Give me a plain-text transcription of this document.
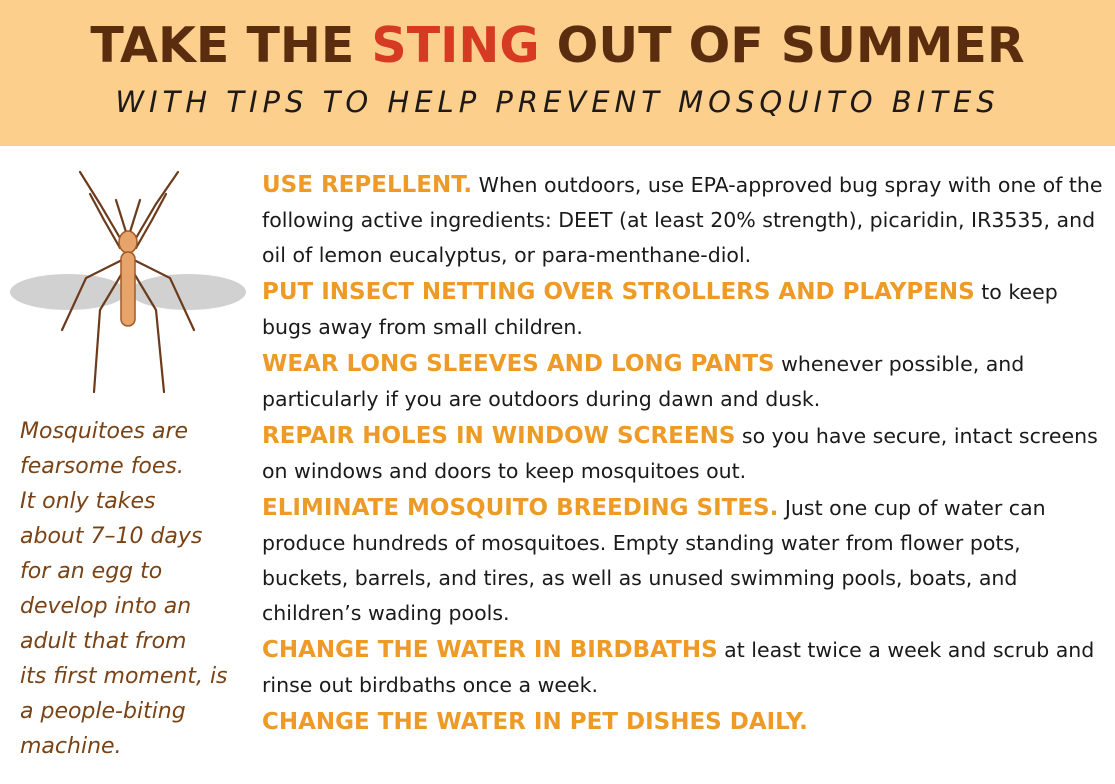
TAKE THE STING OUT OF SUMMER
WITH TIPS TO HELP PREVENT MOSQUITO BITES
Mosquitoes are
fearsome foes.
It only takes
about 7–10 days
for an egg to
develop into an
adult that from
its first moment, is
a people-biting
machine.

USE REPELLENT. When outdoors, use EPA-approved bug spray with one of the following active ingredients: DEET (at least 20% strength), picaridin, IR3535, and oil of lemon eucalyptus, or para-menthane-diol.

PUT INSECT NETTING OVER STROLLERS AND PLAYPENS to keep bugs away from small children.

WEAR LONG SLEEVES AND LONG PANTS whenever possible, and particularly if you are outdoors during dawn and dusk.

REPAIR HOLES IN WINDOW SCREENS so you have secure, intact screens on windows and doors to keep mosquitoes out.

ELIMINATE MOSQUITO BREEDING SITES. Just one cup of water can produce hundreds of mosquitoes. Empty standing water from flower pots, buckets, barrels, and tires, as well as unused swimming pools, boats, and children’s wading pools.

CHANGE THE WATER IN BIRDBATHS at least twice a week and scrub and rinse out birdbaths once a week.

CHANGE THE WATER IN PET DISHES DAILY.
